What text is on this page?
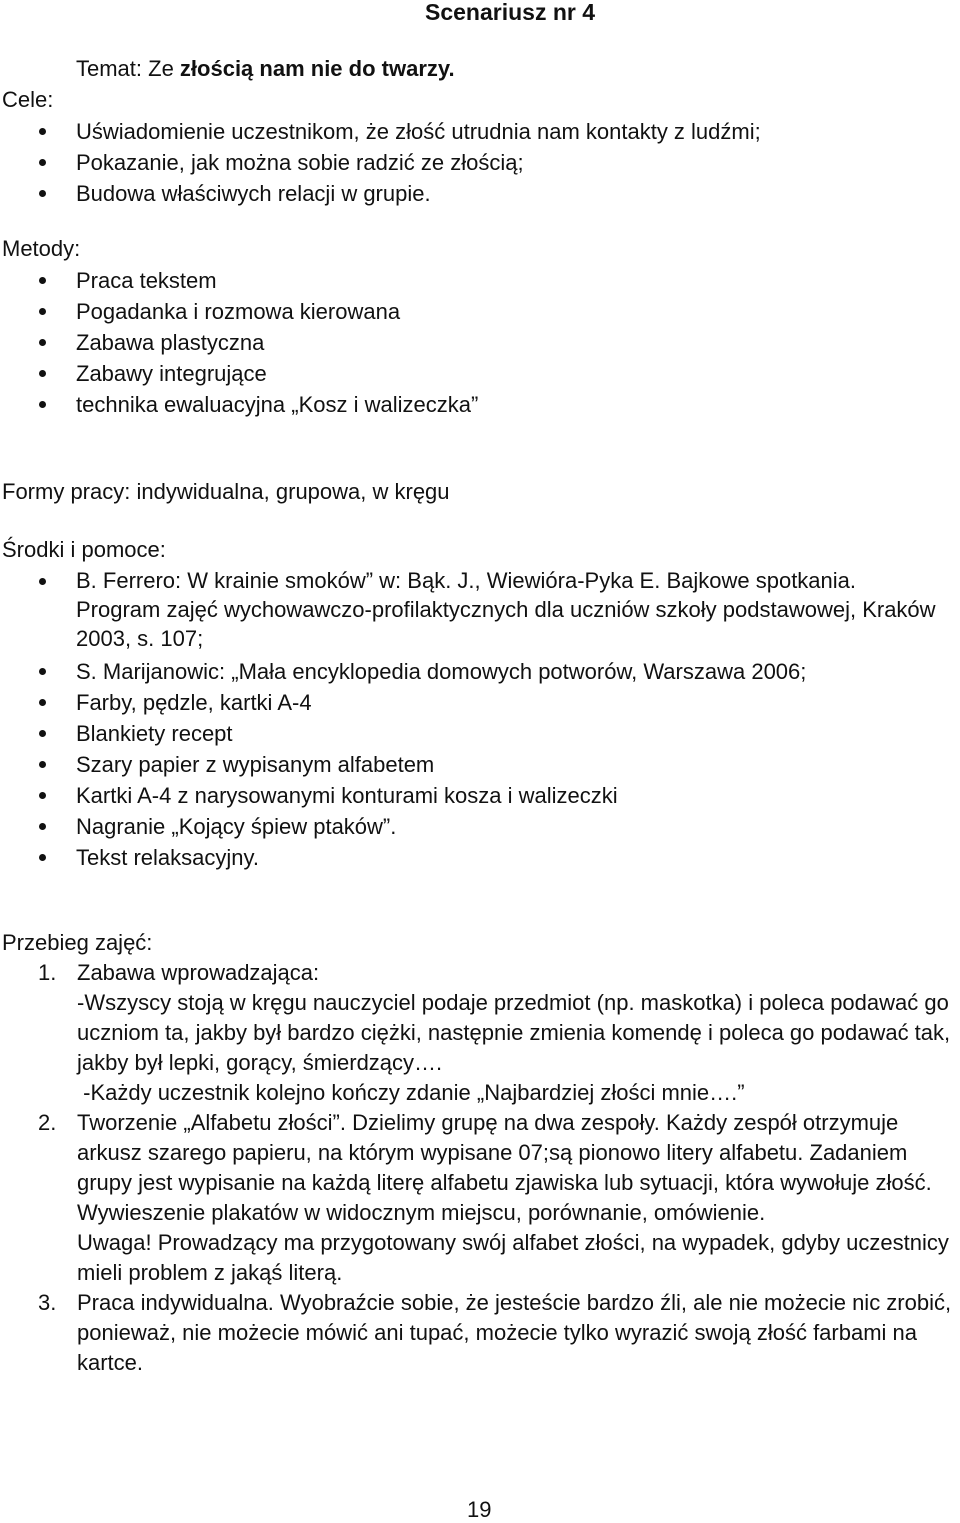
Scenariusz nr 4
Temat: Ze złością nam nie do twarzy.
Cele:
Uświadomienie uczestnikom, że złość utrudnia nam kontakty z ludźmi;
Pokazanie, jak można sobie radzić ze złością;
Budowa właściwych relacji w grupie.
Metody:
Praca tekstem
Pogadanka i rozmowa kierowana
Zabawa plastyczna
Zabawy integrujące
technika ewaluacyjna „Kosz i walizeczka”
Formy pracy: indywidualna, grupowa, w kręgu
Środki i pomoce:
B. Ferrero: W krainie smoków” w: Bąk. J., Wiewióra-Pyka E. Bajkowe spotkania. Program zajęć wychowawczo-profilaktycznych dla uczniów szkoły podstawowej, Kraków 2003, s. 107;
S. Marijanowic: „Mała encyklopedia domowych potworów, Warszawa 2006;
Farby, pędzle, kartki A-4
Blankiety recept
Szary papier z wypisanym alfabetem
Kartki A-4 z narysowanymi konturami kosza i walizeczki
Nagranie „Kojący śpiew ptaków”.
Tekst relaksacyjny.
Przebieg zajęć:
1. Zabawa wprowadzająca:
-Wszyscy stoją w kręgu nauczyciel podaje przedmiot (np. maskotka) i poleca podawać go uczniom ta, jakby był bardzo ciężki, następnie zmienia komendę i poleca go podawać tak, jakby był lepki, gorący, śmierdzący….
-Każdy uczestnik kolejno kończy zdanie „Najbardziej złości mnie….”
2. Tworzenie „Alfabetu złości”. Dzielimy grupę na dwa zespoły. Każdy zespół otrzymuje arkusz szarego papieru, na którym wypisane 07;są pionowo litery alfabetu. Zadaniem grupy jest wypisanie na każdą literę alfabetu zjawiska lub sytuacji, która wywołuje złość. Wywieszenie plakatów w widocznym miejscu, porównanie, omówienie.
Uwaga! Prowadzący ma przygotowany swój alfabet złości, na wypadek, gdyby uczestnicy mieli problem z jakąś literą.
3. Praca indywidualna. Wyobraźcie sobie, że jesteście bardzo źli, ale nie możecie nic zrobić, ponieważ, nie możecie mówić ani tupać, możecie tylko wyrazić swoją złość farbami na kartce.
19
